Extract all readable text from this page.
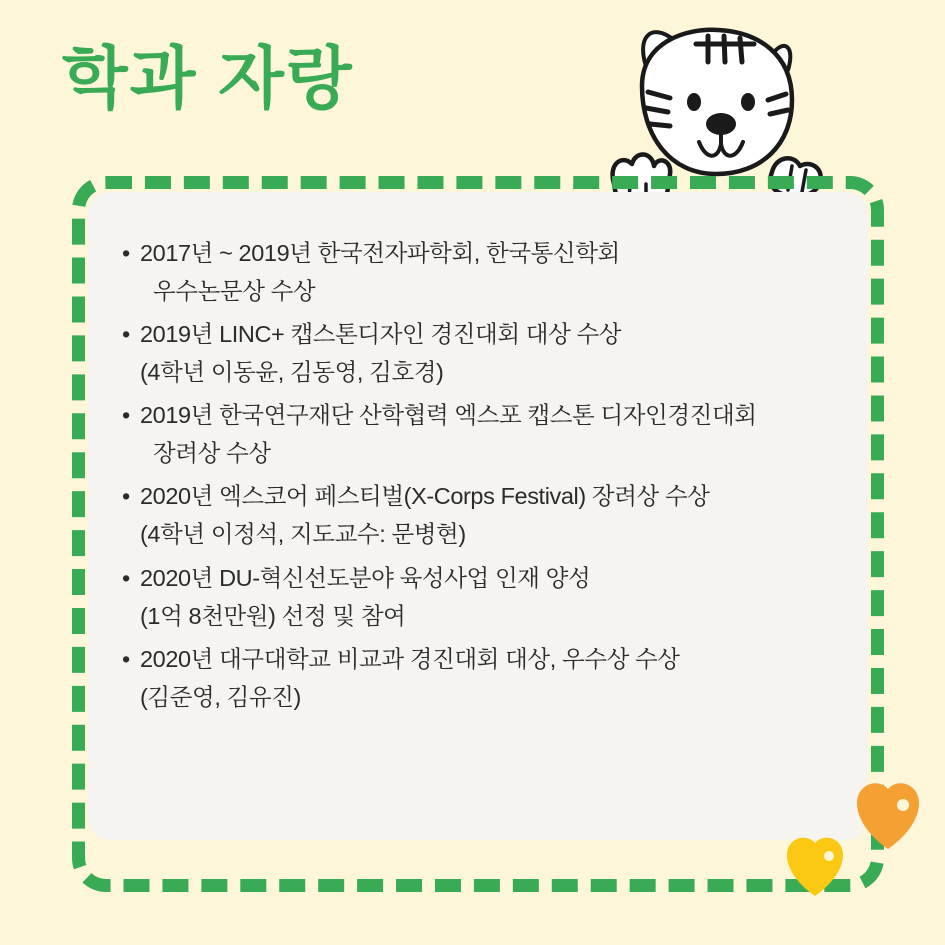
학과 자랑
• 2017년 ~ 2019년 한국전자파학회, 한국통신학회
우수논문상 수상
• 2019년 LINC+ 캡스톤디자인 경진대회 대상 수상
(4학년 이동윤, 김동영, 김호경)
• 2019년 한국연구재단 산학협력 엑스포 캡스톤 디자인경진대회
장려상 수상
• 2020년 엑스코어 페스티벌(X-Corps Festival) 장려상 수상
(4학년 이정석, 지도교수: 문병현)
• 2020년 DU-혁신선도분야 육성사업 인재 양성
(1억 8천만원) 선정 및 참여
• 2020년 대구대학교 비교과 경진대회 대상, 우수상 수상
(김준영, 김유진)
